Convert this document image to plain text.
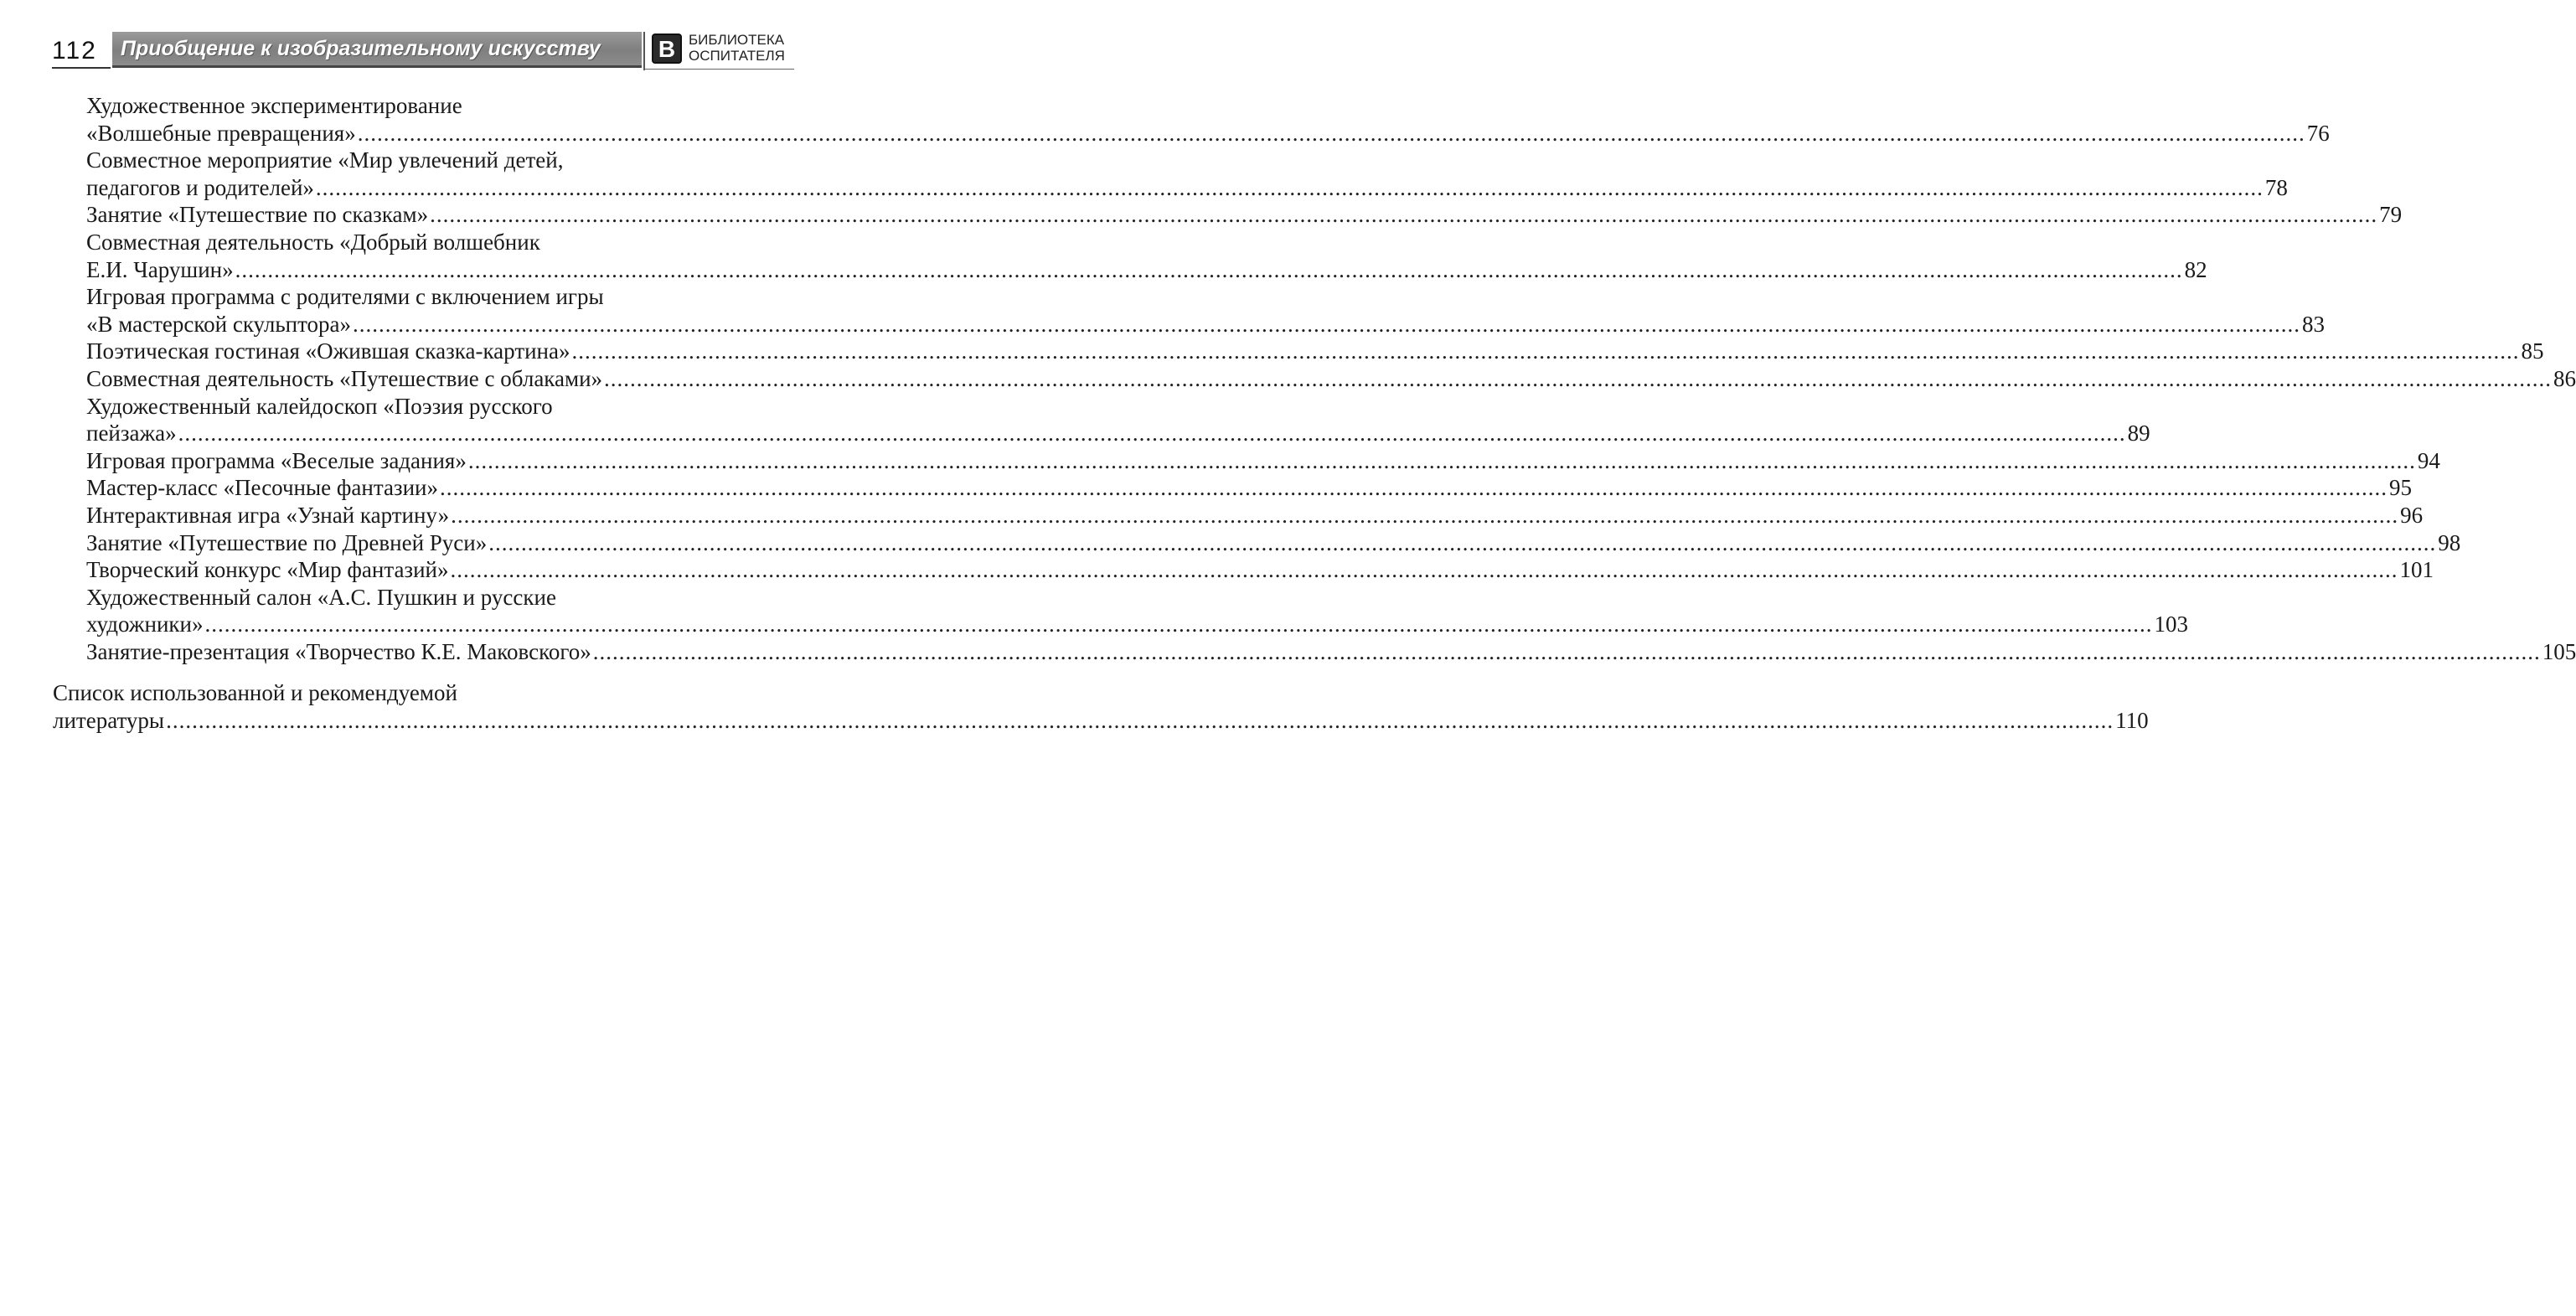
112 Приобщение к изобразительному искусству В БИБЛИОТЕКА
ОСПИТАТЕЛЯ
Художественное экспериментирование
«Волшебные превращения» ............................................................................................................................................................................................................................................................................................................ 76
Совместное мероприятие «Мир увлечений детей,
педагогов и родителей» ............................................................................................................................................................................................................................................................................................................ 78
Занятие «Путешествие по сказкам» ............................................................................................................................................................................................................................................................................................................ 79
Совместная деятельность «Добрый волшебник
Е.И. Чарушин» ............................................................................................................................................................................................................................................................................................................ 82
Игровая программа с родителями с включением игры
«В мастерской скульптора» ............................................................................................................................................................................................................................................................................................................ 83
Поэтическая гостиная «Ожившая сказка-картина» ............................................................................................................................................................................................................................................................................................................ 85
Совместная деятельность «Путешествие с облаками» ............................................................................................................................................................................................................................................................................................................ 86
Художественный калейдоскоп «Поэзия русского
пейзажа» ............................................................................................................................................................................................................................................................................................................ 89
Игровая программа «Веселые задания» ............................................................................................................................................................................................................................................................................................................ 94
Мастер-класс «Песочные фантазии» ............................................................................................................................................................................................................................................................................................................ 95
Интерактивная игра «Узнай картину» ............................................................................................................................................................................................................................................................................................................ 96
Занятие «Путешествие по Древней Руси» ............................................................................................................................................................................................................................................................................................................ 98
Творческий конкурс «Мир фантазий» ............................................................................................................................................................................................................................................................................................................ 101
Художественный салон «А.С. Пушкин и русские
художники» ............................................................................................................................................................................................................................................................................................................ 103
Занятие-презентация «Творчество К.Е. Маковского» ............................................................................................................................................................................................................................................................................................................ 105
Список использованной и рекомендуемой
литературы ............................................................................................................................................................................................................................................................................................................ 110
